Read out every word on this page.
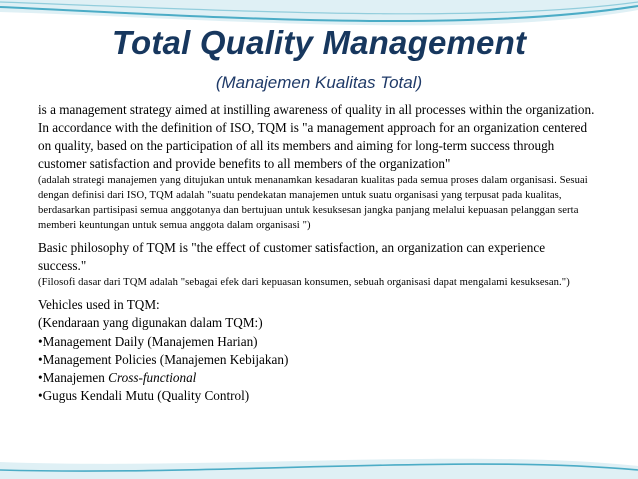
Total Quality Management
(Manajemen Kualitas Total)

is a management strategy aimed at instilling awareness of quality in all processes within the organization. In accordance with the definition of ISO, TQM is "a management approach for an organization centered on quality, based on the participation of all its members and aiming for long-term success through customer satisfaction and provide benefits to all members of the organization"

(adalah strategi manajemen yang ditujukan untuk menanamkan kesadaran kualitas pada semua proses dalam organisasi. Sesuai dengan definisi dari ISO, TQM adalah "suatu pendekatan manajemen untuk suatu organisasi yang terpusat pada kualitas, berdasarkan partisipasi semua anggotanya dan bertujuan untuk kesuksesan jangka panjang melalui kepuasan pelanggan serta memberi keuntungan untuk semua anggota dalam organisasi ")

Basic philosophy of TQM is "the effect of customer satisfaction, an organization can experience success."

(Filosofi dasar dari TQM adalah "sebagai efek dari kepuasan konsumen, sebuah organisasi dapat mengalami kesuksesan.")

Vehicles used in TQM:
(Kendaraan yang digunakan dalam TQM:)
•Management Daily (Manajemen Harian)
•Management Policies (Manajemen Kebijakan)
•Manajemen Cross-functional
•Gugus Kendali Mutu (Quality Control)
